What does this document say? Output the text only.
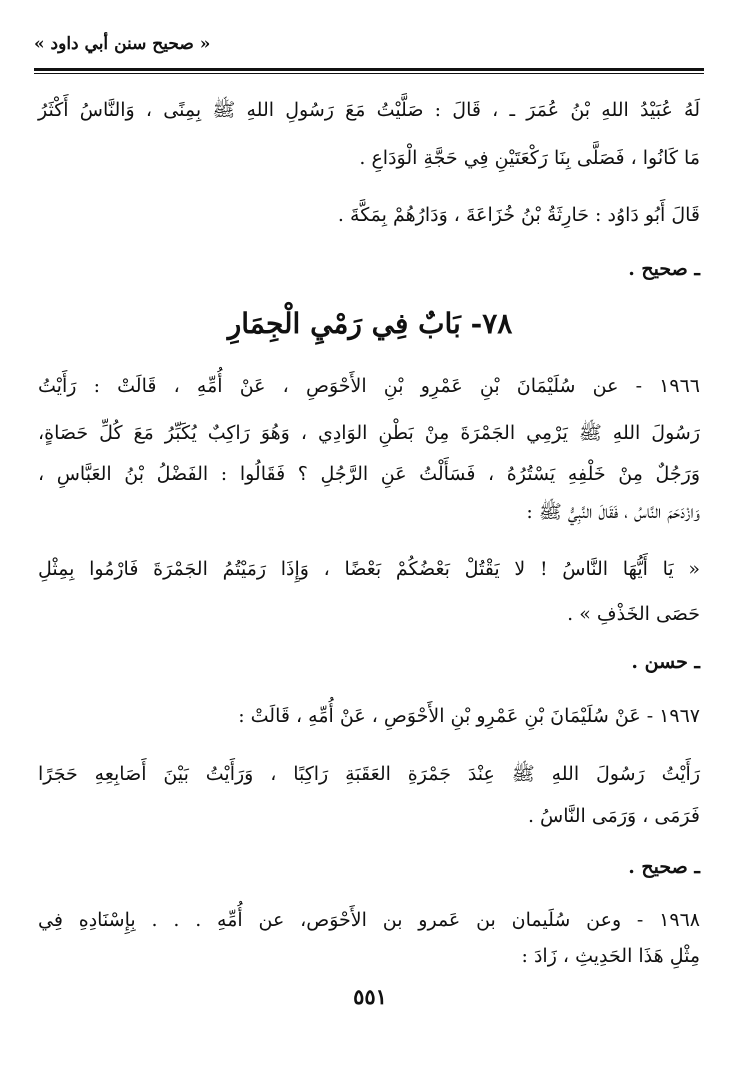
« صحيح سنن أبي داود »
لَهُ عُبَيْدُ اللهِ بْنُ عُمَرَ ـ ، قَالَ : صَلَّيْتُ مَعَ رَسُولِ اللهِ ﷺ بِمِنًى ، وَالنَّاسُ أَكْثَرُ
مَا كَانُوا ، فَصَلَّى بِنَا رَكْعَتَيْنِ فِي حَجَّةِ الْوَدَاعِ .
قَالَ أَبُو دَاوُد : حَارِثَةُ بْنُ خُزَاعَةَ ، وَدَارُهُمْ بِمَكَّةَ .
ـ صحيح .
٧٨- بَابٌ فِي رَمْيِ الْجِمَارِ
١٩٦٦ - عن سُلَيْمَانَ بْنِ عَمْرِو بْنِ الأَحْوَصِ ، عَنْ أُمِّهِ ، قَالَتْ : رَأَيْتُ
رَسُولَ اللهِ ﷺ يَرْمِي الجَمْرَةَ مِنْ بَطْنِ الوَادِي ، وَهُوَ رَاكِبٌ يُكَبِّرُ مَعَ كُلِّ حَصَاةٍ،
وَرَجُلٌ مِنْ خَلْفِهِ يَسْتُرُهُ ، فَسَأَلْتُ عَنِ الرَّجُلِ ؟ فَقَالُوا : الفَضْلُ بْنُ العَبَّاسِ ،
وَازْدَحَمَ النَّاسُ ، فَقَالَ النَّبِيُّ ﷺ :
« يَا أَيُّهَا النَّاسُ ! لا يَقْتُلْ بَعْضُكُمْ بَعْضًا ، وَإِذَا رَمَيْتُمُ الجَمْرَةَ فَارْمُوا بِمِثْلِ
حَصَى الخَذْفِ » .
ـ حسن .
١٩٦٧ - عَنْ سُلَيْمَانَ بْنِ عَمْرِو بْنِ الأَحْوَصِ ، عَنْ أُمِّهِ ، قَالَتْ :
رَأَيْتُ رَسُولَ اللهِ ﷺ عِنْدَ جَمْرَةِ العَقَبَةِ رَاكِبًا ، وَرَأَيْتُ بَيْنَ أَصَابِعِهِ حَجَرًا
فَرَمَى ، وَرَمَى النَّاسُ .
ـ صحيح .
١٩٦٨ - وعن سُلَيمان بن عَمرو بن الأَحْوَص، عن أُمِّهِ . . . بِإِسْنَادِهِ فِي
مِثْلِ هَذَا الحَدِيثِ ، زَادَ :
٥٥١
